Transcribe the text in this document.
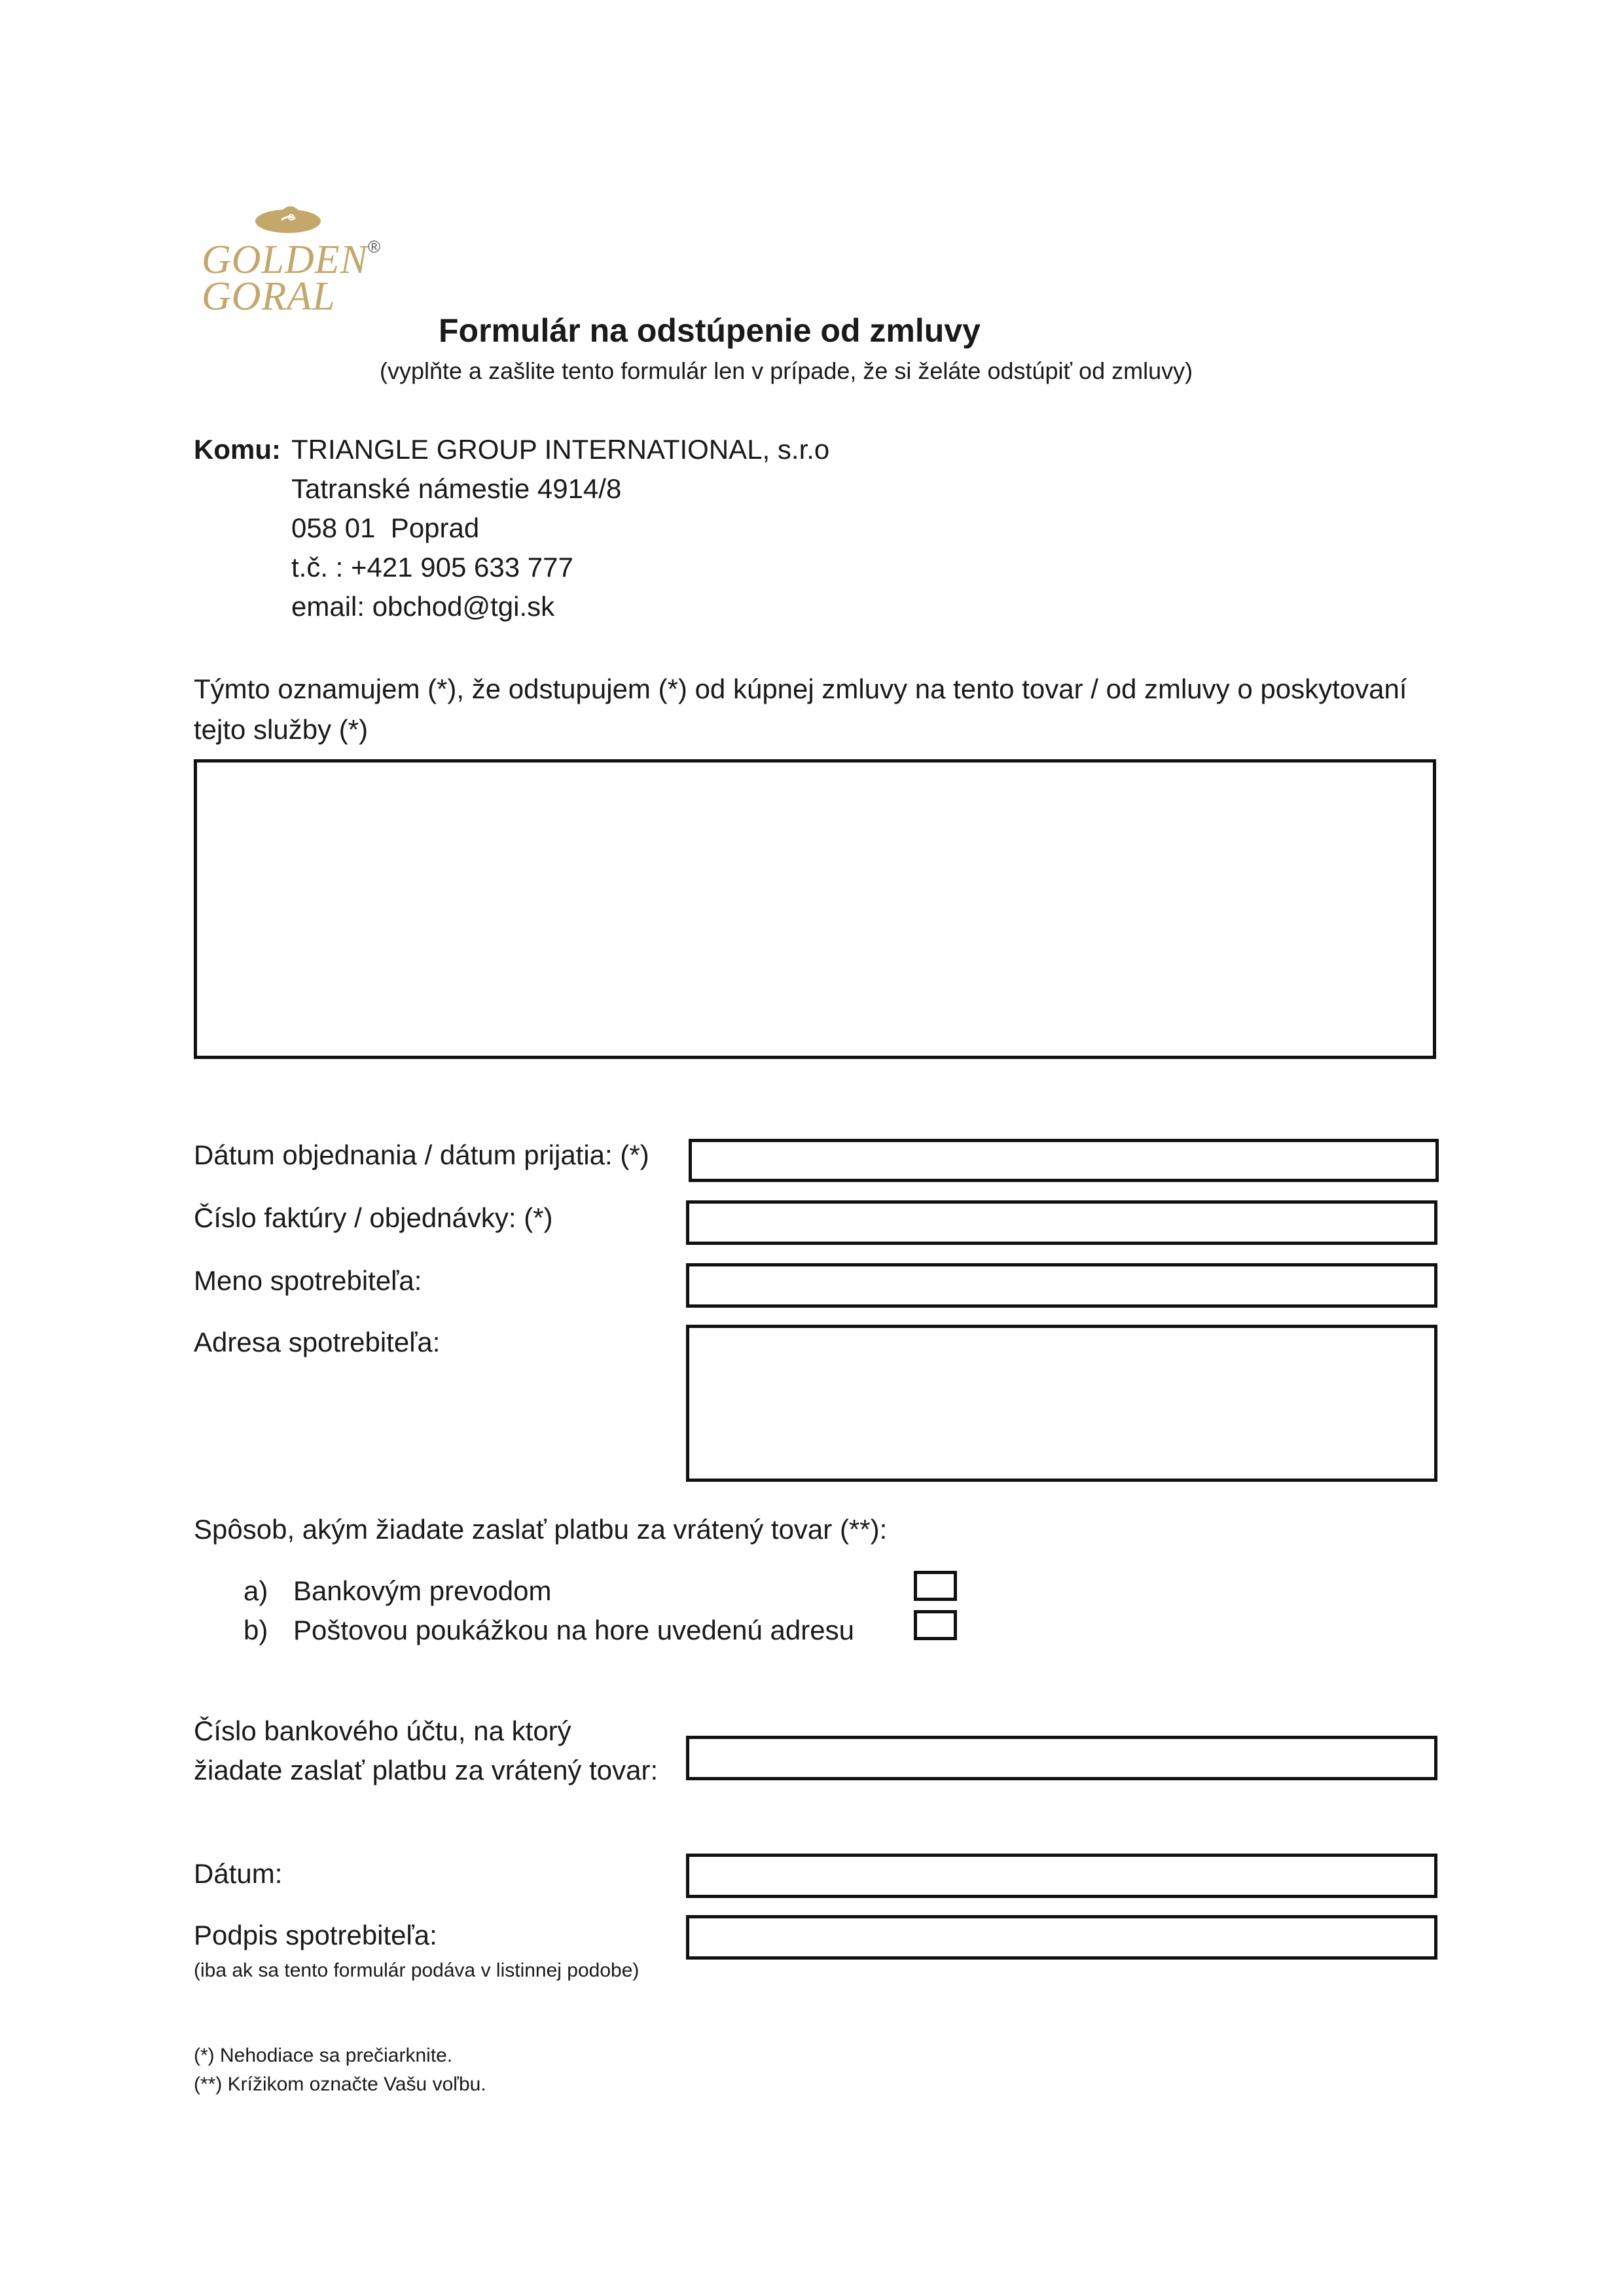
GOLDEN
GORAL
®
Formulár na odstúpenie od zmluvy
(vyplňte a zašlite tento formulár len v prípade, že si želáte odstúpiť od zmluvy)
Komu: TRIANGLE GROUP INTERNATIONAL, s.r.o
Tatranské námestie 4914/8
058 01  Poprad
t.č. : +421 905 633 777
email: obchod@tgi.sk
Týmto oznamujem (*), že odstupujem (*) od kúpnej zmluvy na tento tovar / od zmluvy o poskytovaní
tejto služby (*)
Dátum objednania / dátum prijatia: (*)
Číslo faktúry / objednávky: (*)
Meno spotrebiteľa:
Adresa spotrebiteľa:
Spôsob, akým žiadate zaslať platbu za vrátený tovar (**):
a) Bankovým prevodom
b) Poštovou poukážkou na hore uvedenú adresu
Číslo bankového účtu, na ktorý
žiadate zaslať platbu za vrátený tovar:
Dátum:
Podpis spotrebiteľa:
(iba ak sa tento formulár podáva v listinnej podobe)
(*) Nehodiace sa prečiarknite.
(**) Krížikom označte Vašu voľbu.
